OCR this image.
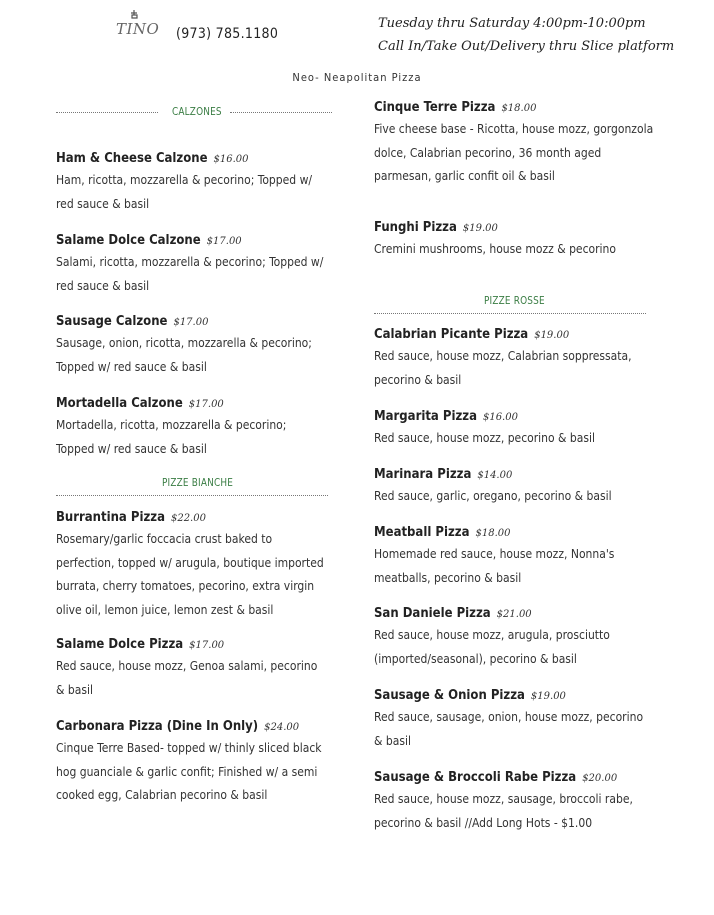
TINO (973) 785.1180
Tuesday thru Saturday 4:00pm-10:00pm
Call In/Take Out/Delivery thru Slice platform
Neo- Neapolitan Pizza
CALZONES
PIZZE BIANCHE
PIZZE ROSSE
Ham & Cheese Calzone $16.00
Ham, ricotta, mozzarella & pecorino; Topped w/ red sauce & basil
Salame Dolce Calzone $17.00
Salami, ricotta, mozzarella & pecorino; Topped w/ red sauce & basil
Sausage Calzone $17.00
Sausage, onion, ricotta, mozzarella & pecorino; Topped w/ red sauce & basil
Mortadella Calzone $17.00
Mortadella, ricotta, mozzarella & pecorino; Topped w/ red sauce & basil
Burrantina Pizza $22.00
Rosemary/garlic foccacia crust baked to perfection, topped w/ arugula, boutique imported burrata, cherry tomatoes, pecorino, extra virgin olive oil, lemon juice, lemon zest & basil
Salame Dolce Pizza $17.00
Red sauce, house mozz, Genoa salami, pecorino & basil
Carbonara Pizza (Dine In Only) $24.00
Cinque Terre Based- topped w/ thinly sliced black hog guanciale & garlic confit; Finished w/ a semi cooked egg, Calabrian pecorino & basil
Cinque Terre Pizza $18.00
Five cheese base - Ricotta, house mozz, gorgonzola dolce, Calabrian pecorino, 36 month aged parmesan, garlic confit oil & basil
Funghi Pizza $19.00
Cremini mushrooms, house mozz & pecorino
Calabrian Picante Pizza $19.00
Red sauce, house mozz, Calabrian soppressata, pecorino & basil
Margarita Pizza $16.00
Red sauce, house mozz, pecorino & basil
Marinara Pizza $14.00
Red sauce, garlic, oregano, pecorino & basil
Meatball Pizza $18.00
Homemade red sauce, house mozz, Nonna's meatballs, pecorino & basil
San Daniele Pizza $21.00
Red sauce, house mozz, arugula, prosciutto (imported/seasonal), pecorino & basil
Sausage & Onion Pizza $19.00
Red sauce, sausage, onion, house mozz, pecorino & basil
Sausage & Broccoli Rabe Pizza $20.00
Red sauce, house mozz, sausage, broccoli rabe, pecorino & basil //Add Long Hots - $1.00
